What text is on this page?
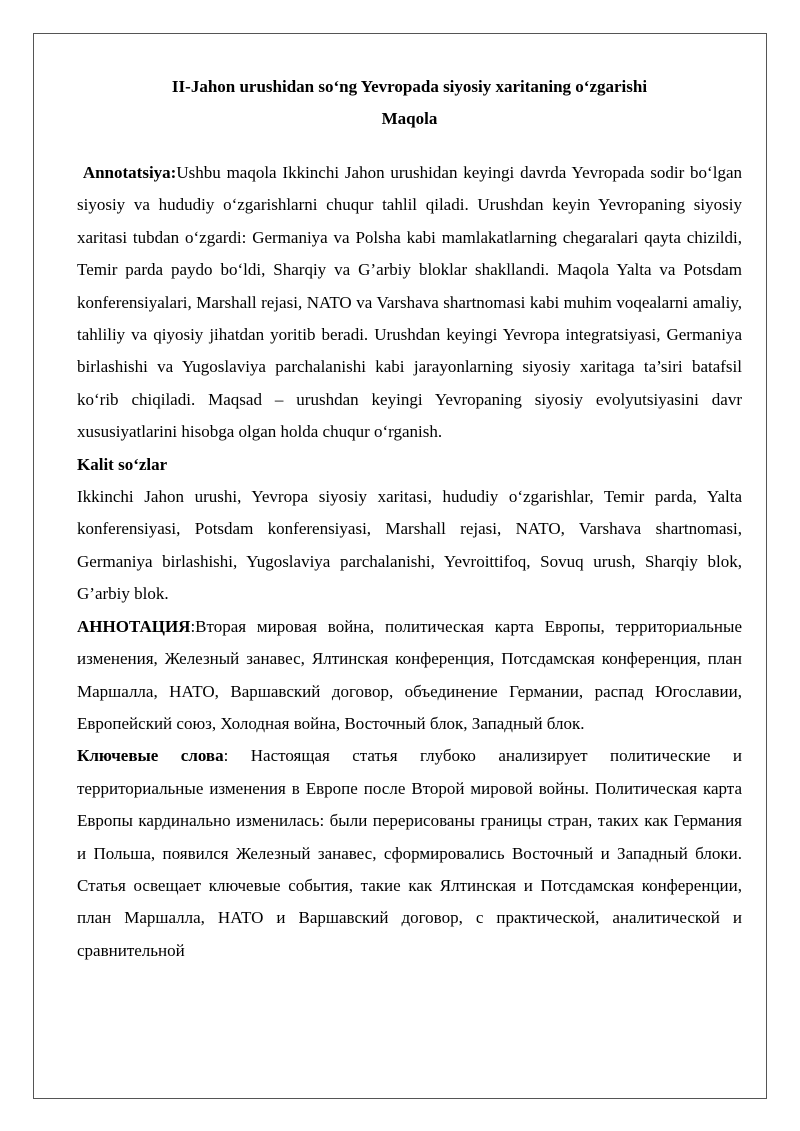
II-Jahon urushidan so‘ng Yevropada siyosiy xaritaning o‘zgarishi

Maqola

Annotatsiya:Ushbu maqola Ikkinchi Jahon urushidan keyingi davrda Yevropada sodir bo‘lgan siyosiy va hududiy o‘zgarishlarni chuqur tahlil qiladi. Urushdan keyin Yevropaning siyosiy xaritasi tubdan o‘zgardi: Germaniya va Polsha kabi mamlakatlarning chegaralari qayta chizildi, Temir parda paydo bo‘ldi, Sharqiy va G’arbiy bloklar shakllandi. Maqola Yalta va Potsdam konferensiyalari, Marshall rejasi, NATO va Varshava shartnomasi kabi muhim voqealarni amaliy, tahliliy va qiyosiy jihatdan yoritib beradi. Urushdan keyingi Yevropa integratsiyasi, Germaniya birlashishi va Yugoslaviya parchalanishi kabi jarayonlarning siyosiy xaritaga ta’siri batafsil ko‘rib chiqiladi. Maqsad – urushdan keyingi Yevropaning siyosiy evolyutsiyasini davr xususiyatlarini hisobga olgan holda chuqur o‘rganish.

Kalit so‘zlar

Ikkinchi Jahon urushi, Yevropa siyosiy xaritasi, hududiy o‘zgarishlar, Temir parda, Yalta konferensiyasi, Potsdam konferensiyasi, Marshall rejasi, NATO, Varshava shartnomasi, Germaniya birlashishi, Yugoslaviya parchalanishi, Yevroittifoq, Sovuq urush, Sharqiy blok, G’arbiy blok.

АННОТАЦИЯ:Вторая мировая война, политическая карта Европы, территориальные изменения, Железный занавес, Ялтинская конференция, Потсдамская конференция, план Маршалла, НАТО, Варшавский договор, объединение Германии, распад Югославии, Европейский союз, Холодная война, Восточный блок, Западный блок.

Ключевые слова: Настоящая статья глубоко анализирует политические и территориальные изменения в Европе после Второй мировой войны. Политическая карта Европы кардинально изменилась: были перерисованы границы стран, таких как Германия и Польша, появился Железный занавес, сформировались Восточный и Западный блоки. Статья освещает ключевые события, такие как Ялтинская и Потсдамская конференции, план Маршалла, НАТО и Варшавский договор, с практической, аналитической и сравнительной
